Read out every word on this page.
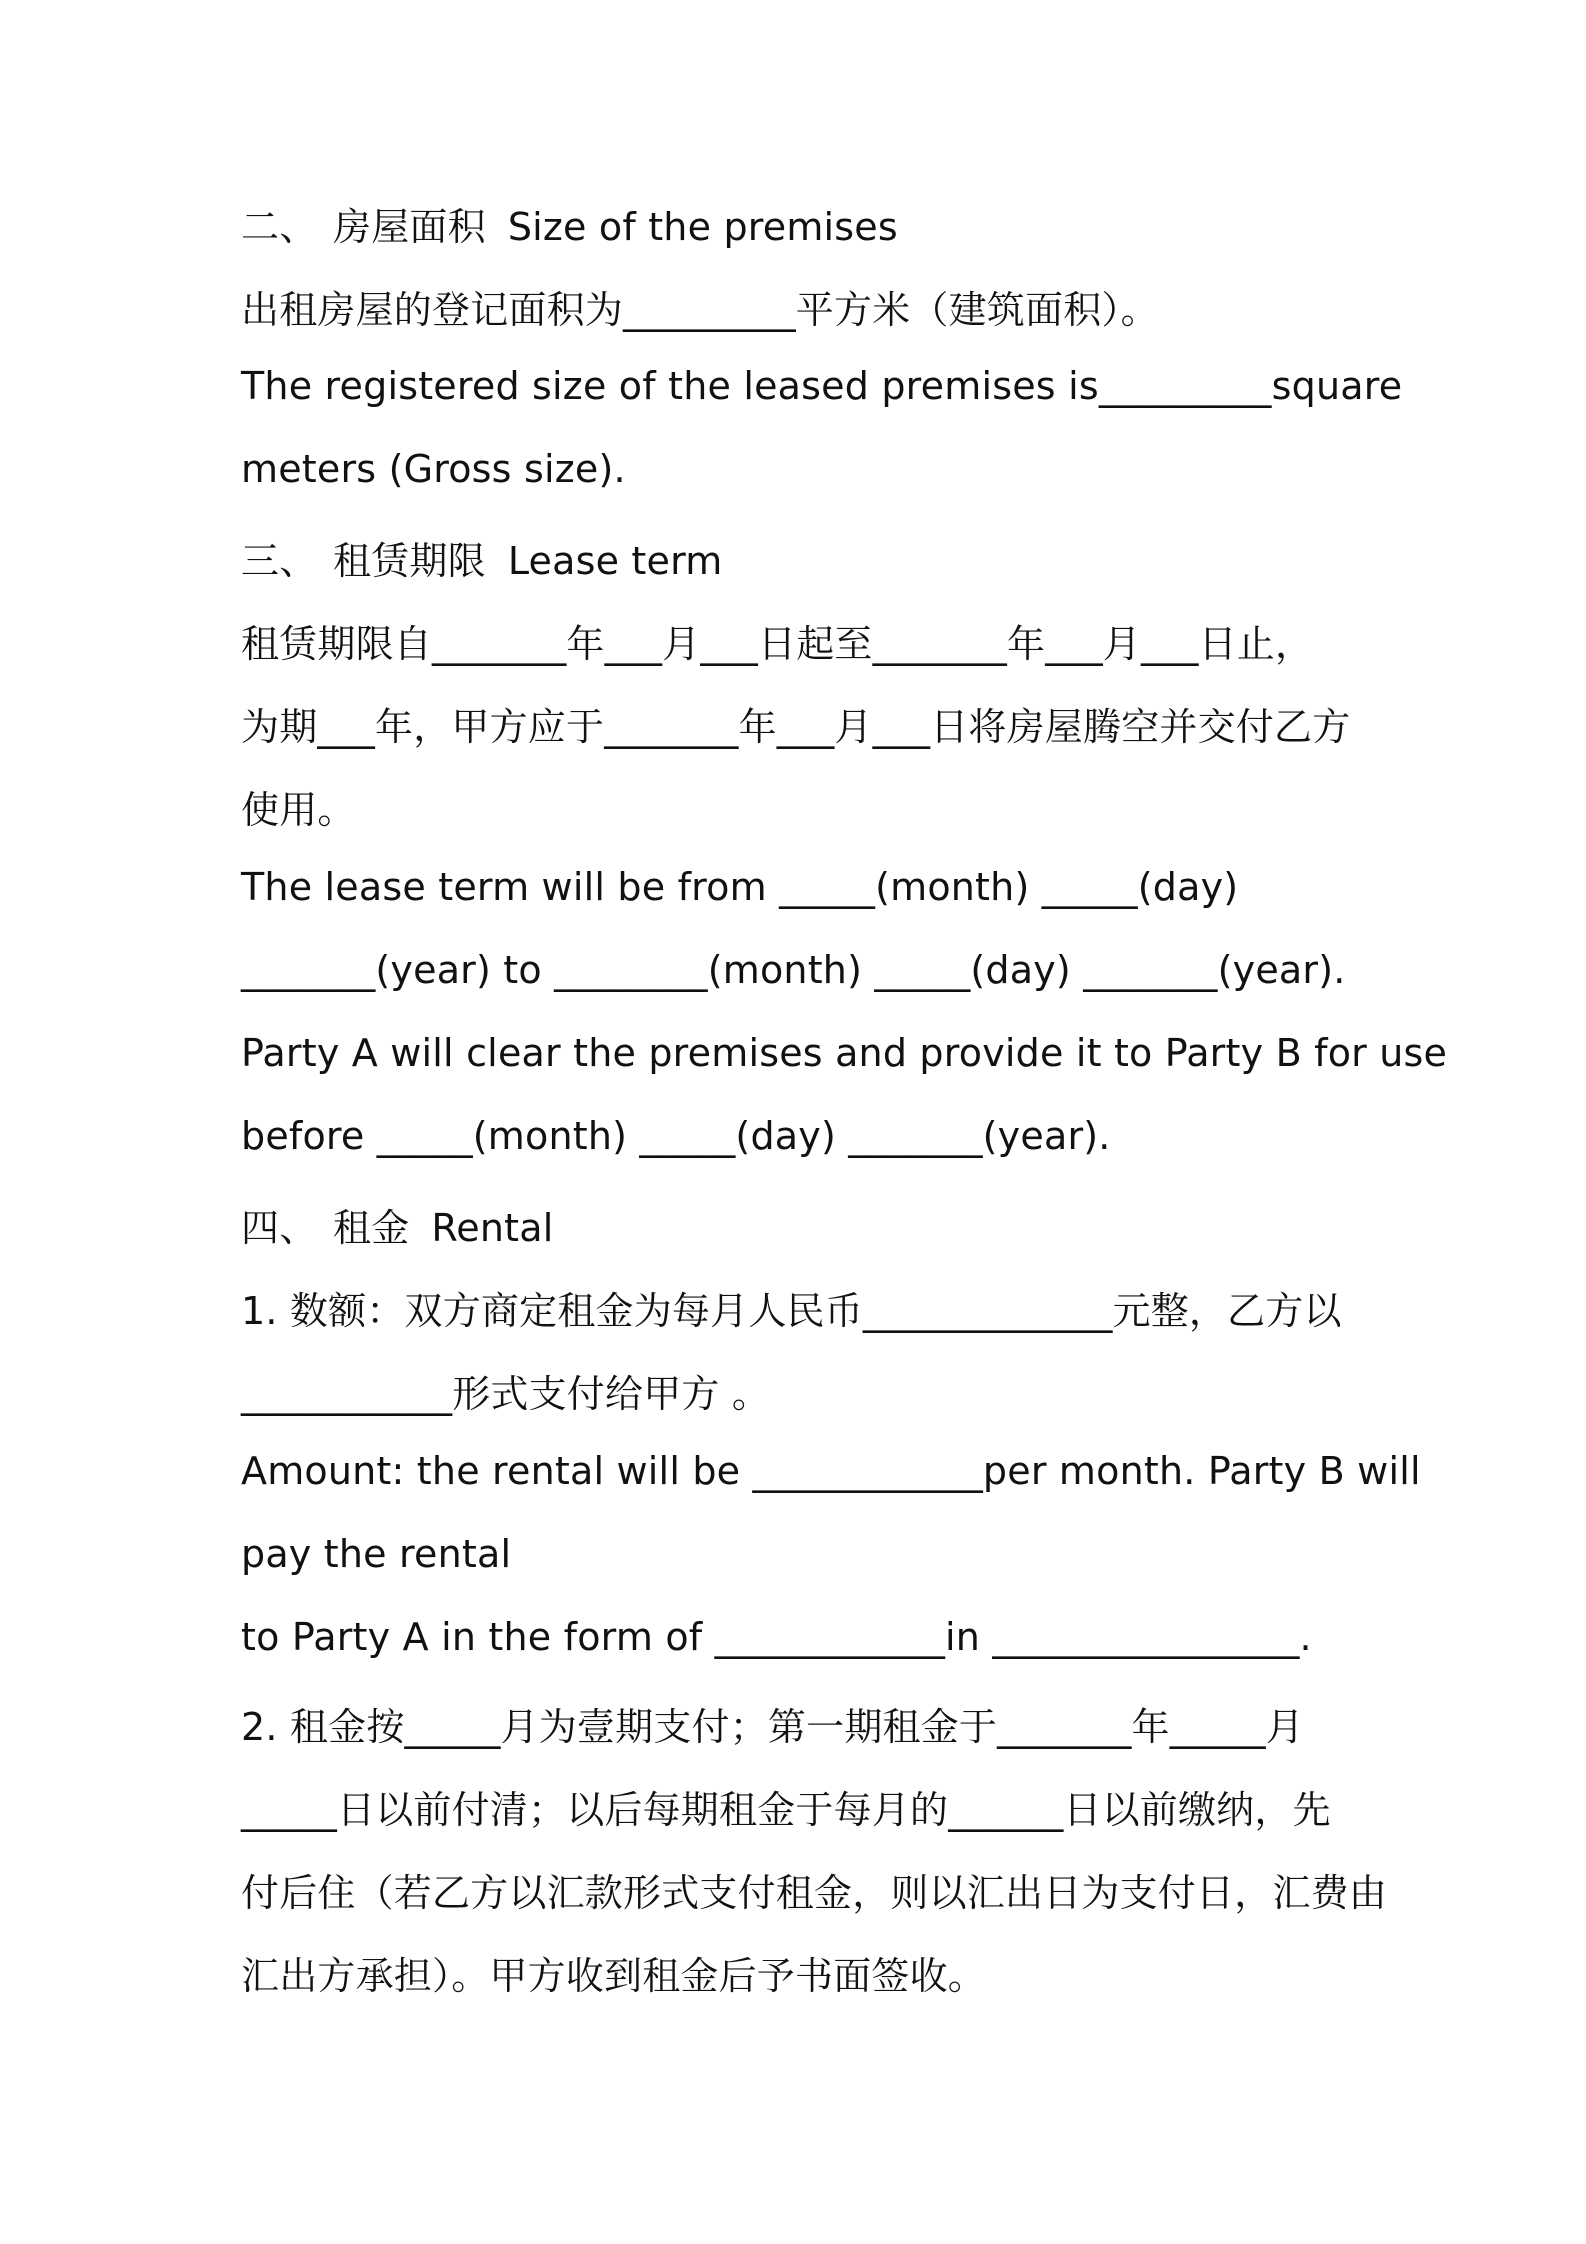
二、 房屋面积 Size of the premises
出租房屋的登记面积为_________平方米（建筑面积）。
The registered size of the leased premises is_________square
meters (Gross size).
三、 租赁期限 Lease term
租赁期限自_______年___月___日起至_______年___月___日止，
为期___年，甲方应于_______年___月___日将房屋腾空并交付乙方
使用。
The lease term will be from _____(month) _____(day)
_______(year) to ________(month) _____(day) _______(year).
Party A will clear the premises and provide it to Party B for use
before _____(month) _____(day) _______(year).
四、 租金 Rental
1. 数额：双方商定租金为每月人民币_____________元整，乙方以
___________形式支付给甲方 。
Amount: the rental will be ____________per month. Party B will
pay the rental
to Party A in the form of ____________in ________________.
2. 租金按_____月为壹期支付；第一期租金于_______年_____月
_____日以前付清；以后每期租金于每月的______日以前缴纳，先
付后住（若乙方以汇款形式支付租金，则以汇出日为支付日，汇费由
汇出方承担）。甲方收到租金后予书面签收。
